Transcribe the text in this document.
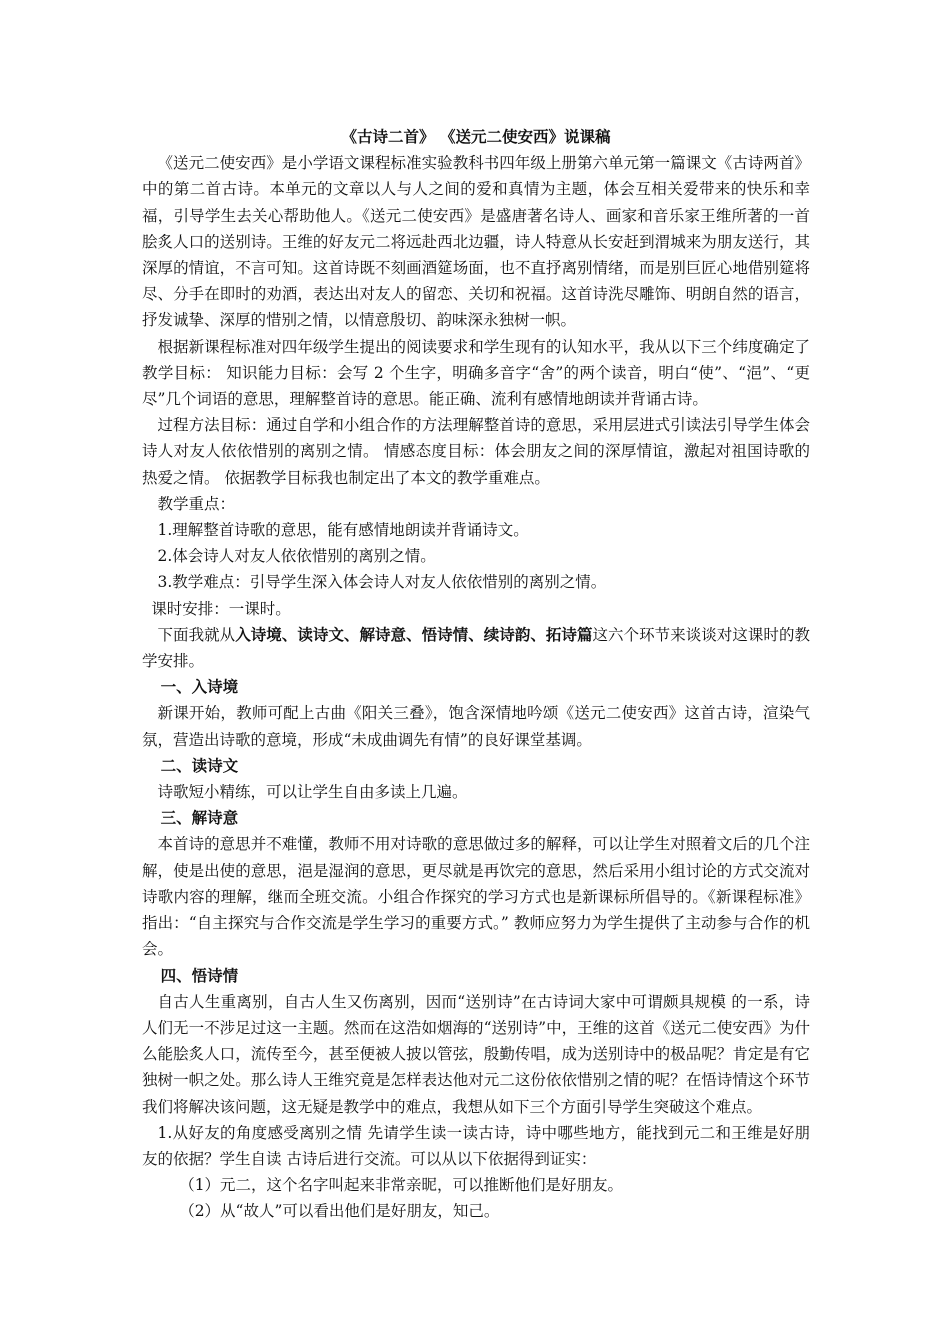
《古诗二首》 《送元二使安西》说课稿

《送元二使安西》是小学语文课程标准实验教科书四年级上册第六单元第一篇课文《古诗两首》中的第二首古诗。本单元的文章以人与人之间的爱和真情为主题，体会互相关爱带来的快乐和幸福，引导学生去关心帮助他人。《送元二使安西》是盛唐著名诗人、画家和音乐家王维所著的一首脍炙人口的送别诗。王维的好友元二将远赴西北边疆，诗人特意从长安赶到渭城来为朋友送行，其深厚的情谊，不言可知。这首诗既不刻画酒筵场面，也不直抒离别情绪，而是别巨匠心地借别筵将尽、分手在即时的劝酒，表达出对友人的留恋、关切和祝福。这首诗洗尽雕饰、明朗自然的语言，抒发诚挚、深厚的惜别之情，以情意殷切、韵味深永独树一帜。

根据新课程标准对四年级学生提出的阅读要求和学生现有的认知水平，我从以下三个纬度确定了教学目标： 知识能力目标：会写 2 个生字，明确多音字“舍”的两个读音，明白“使”、“浥”、“更尽”几个词语的意思，理解整首诗的意思。能正确、流利有感情地朗读并背诵古诗。

过程方法目标：通过自学和小组合作的方法理解整首诗的意思，采用层进式引读法引导学生体会诗人对友人依依惜别的离别之情。 情感态度目标：体会朋友之间的深厚情谊，激起对祖国诗歌的热爱之情。 依据教学目标我也制定出了本文的教学重难点。

教学重点：

1.理解整首诗歌的意思，能有感情地朗读并背诵诗文。

2.体会诗人对友人依依惜别的离别之情。

3.教学难点：引导学生深入体会诗人对友人依依惜别的离别之情。

课时安排：一课时。

下面我就从入诗境、读诗文、解诗意、悟诗情、续诗韵、拓诗篇这六个环节来谈谈对这课时的教学安排。

一、入诗境

新课开始，教师可配上古曲《阳关三叠》，饱含深情地吟颂《送元二使安西》这首古诗，渲染气氛，营造出诗歌的意境，形成“未成曲调先有情”的良好课堂基调。

二、读诗文

诗歌短小精练，可以让学生自由多读上几遍。

三、解诗意

本首诗的意思并不难懂，教师不用对诗歌的意思做过多的解释，可以让学生对照着文后的几个注解，使是出使的意思，浥是湿润的意思，更尽就是再饮完的意思，然后采用小组讨论的方式交流对诗歌内容的理解，继而全班交流。小组合作探究的学习方式也是新课标所倡导的。《新课程标准》指出：“自主探究与合作交流是学生学习的重要方式。” 教师应努力为学生提供了主动参与合作的机会。

四、悟诗情

自古人生重离别，自古人生又伤离别，因而“送别诗”在古诗词大家中可谓颇具规模 的一系，诗人们无一不涉足过这一主题。然而在这浩如烟海的“送别诗”中，王维的这首《送元二使安西》为什么能脍炙人口，流传至今，甚至便被人披以管弦，殷勤传唱，成为送别诗中的极品呢？肯定是有它独树一帜之处。那么诗人王维究竟是怎样表达他对元二这份依依惜别之情的呢？在悟诗情这个环节我们将解决该问题，这无疑是教学中的难点，我想从如下三个方面引导学生突破这个难点。

1.从好友的角度感受离别之情 先请学生读一读古诗，诗中哪些地方，能找到元二和王维是好朋友的依据？学生自读 古诗后进行交流。可以从以下依据得到证实：

（1）元二，这个名字叫起来非常亲昵，可以推断他们是好朋友。

（2）从“故人”可以看出他们是好朋友，知己。
